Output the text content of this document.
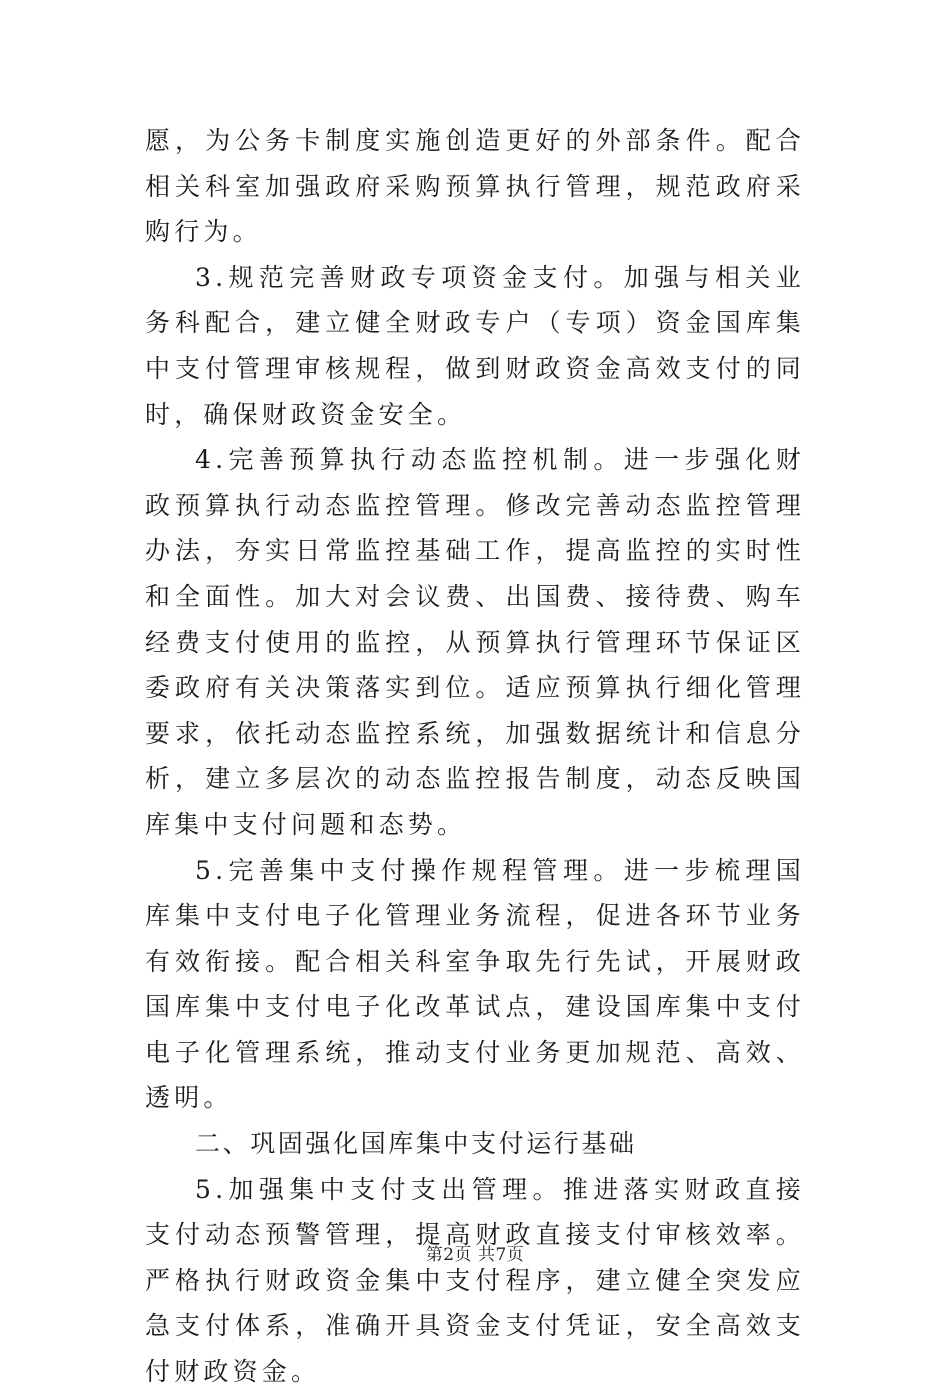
愿，为公务卡制度实施创造更好的外部条件。配合相关科室加强政府采购预算执行管理，规范政府采购行为。

3.规范完善财政专项资金支付。加强与相关业务科配合，建立健全财政专户（专项）资金国库集中支付管理审核规程，做到财政资金高效支付的同时，确保财政资金安全。

4.完善预算执行动态监控机制。进一步强化财政预算执行动态监控管理。修改完善动态监控管理办法，夯实日常监控基础工作，提高监控的实时性和全面性。加大对会议费、出国费、接待费、购车经费支付使用的监控，从预算执行管理环节保证区委政府有关决策落实到位。适应预算执行细化管理要求，依托动态监控系统，加强数据统计和信息分析，建立多层次的动态监控报告制度，动态反映国库集中支付问题和态势。

5.完善集中支付操作规程管理。进一步梳理国库集中支付电子化管理业务流程，促进各环节业务有效衔接。配合相关科室争取先行先试，开展财政国库集中支付电子化改革试点，建设国库集中支付电子化管理系统，推动支付业务更加规范、高效、透明。

二、巩固强化国库集中支付运行基础

5.加强集中支付支出管理。推进落实财政直接支付动态预警管理，提高财政直接支付审核效率。严格执行财政资金集中支付程序，建立健全突发应急支付体系，准确开具资金支付凭证，安全高效支付财政资金。

第2页 共7页
